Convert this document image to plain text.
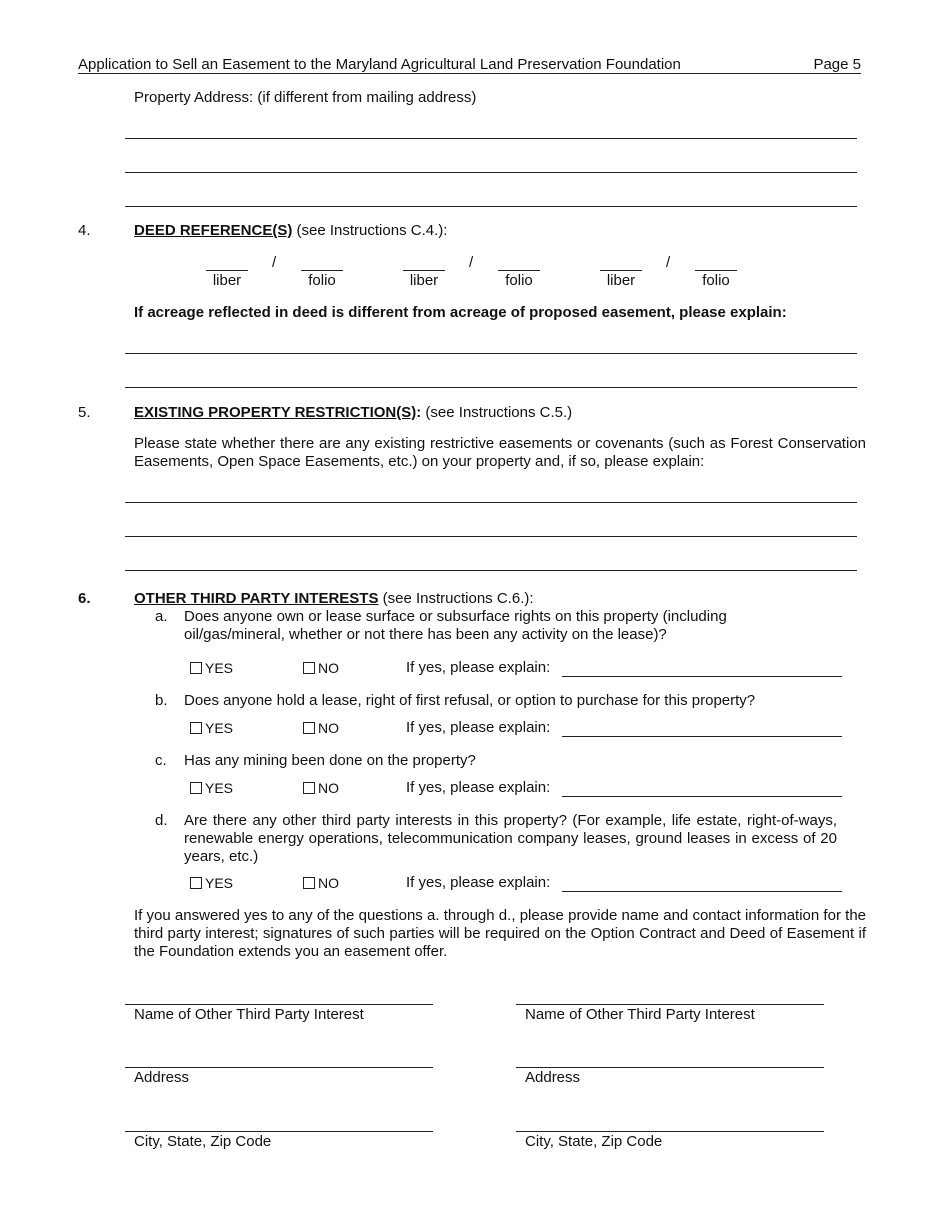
Application to Sell an Easement to the Maryland Agricultural Land Preservation Foundation	Page 5
Property Address: (if different from mailing address)
4.	DEED REFERENCE(S) (see Instructions C.4.):
/
liber	folio
/
liber	folio
/
liber	folio
If acreage reflected in deed is different from acreage of proposed easement, please explain:
5.	EXISTING PROPERTY RESTRICTION(S): (see Instructions C.5.)
Please state whether there are any existing restrictive easements or covenants (such as Forest Conservation Easements, Open Space Easements, etc.) on your property and, if so, please explain:
6.	OTHER THIRD PARTY INTERESTS (see Instructions C.6.):
a. Does anyone own or lease surface or subsurface rights on this property (including oil/gas/mineral, whether or not there has been any activity on the lease)?
YES	NO	If yes, please explain:
b. Does anyone hold a lease, right of first refusal, or option to purchase for this property?
YES	NO	If yes, please explain:
c. Has any mining been done on the property?
YES	NO	If yes, please explain:
d. Are there any other third party interests in this property? (For example, life estate, right-of-ways, renewable energy operations, telecommunication company leases, ground leases in excess of 20 years, etc.)
YES	NO	If yes, please explain:
If you answered yes to any of the questions a. through d., please provide name and contact information for the third party interest; signatures of such parties will be required on the Option Contract and Deed of Easement if the Foundation extends you an easement offer.
Name of Other Third Party Interest
Address
City, State, Zip Code
Name of Other Third Party Interest
Address
City, State, Zip Code
